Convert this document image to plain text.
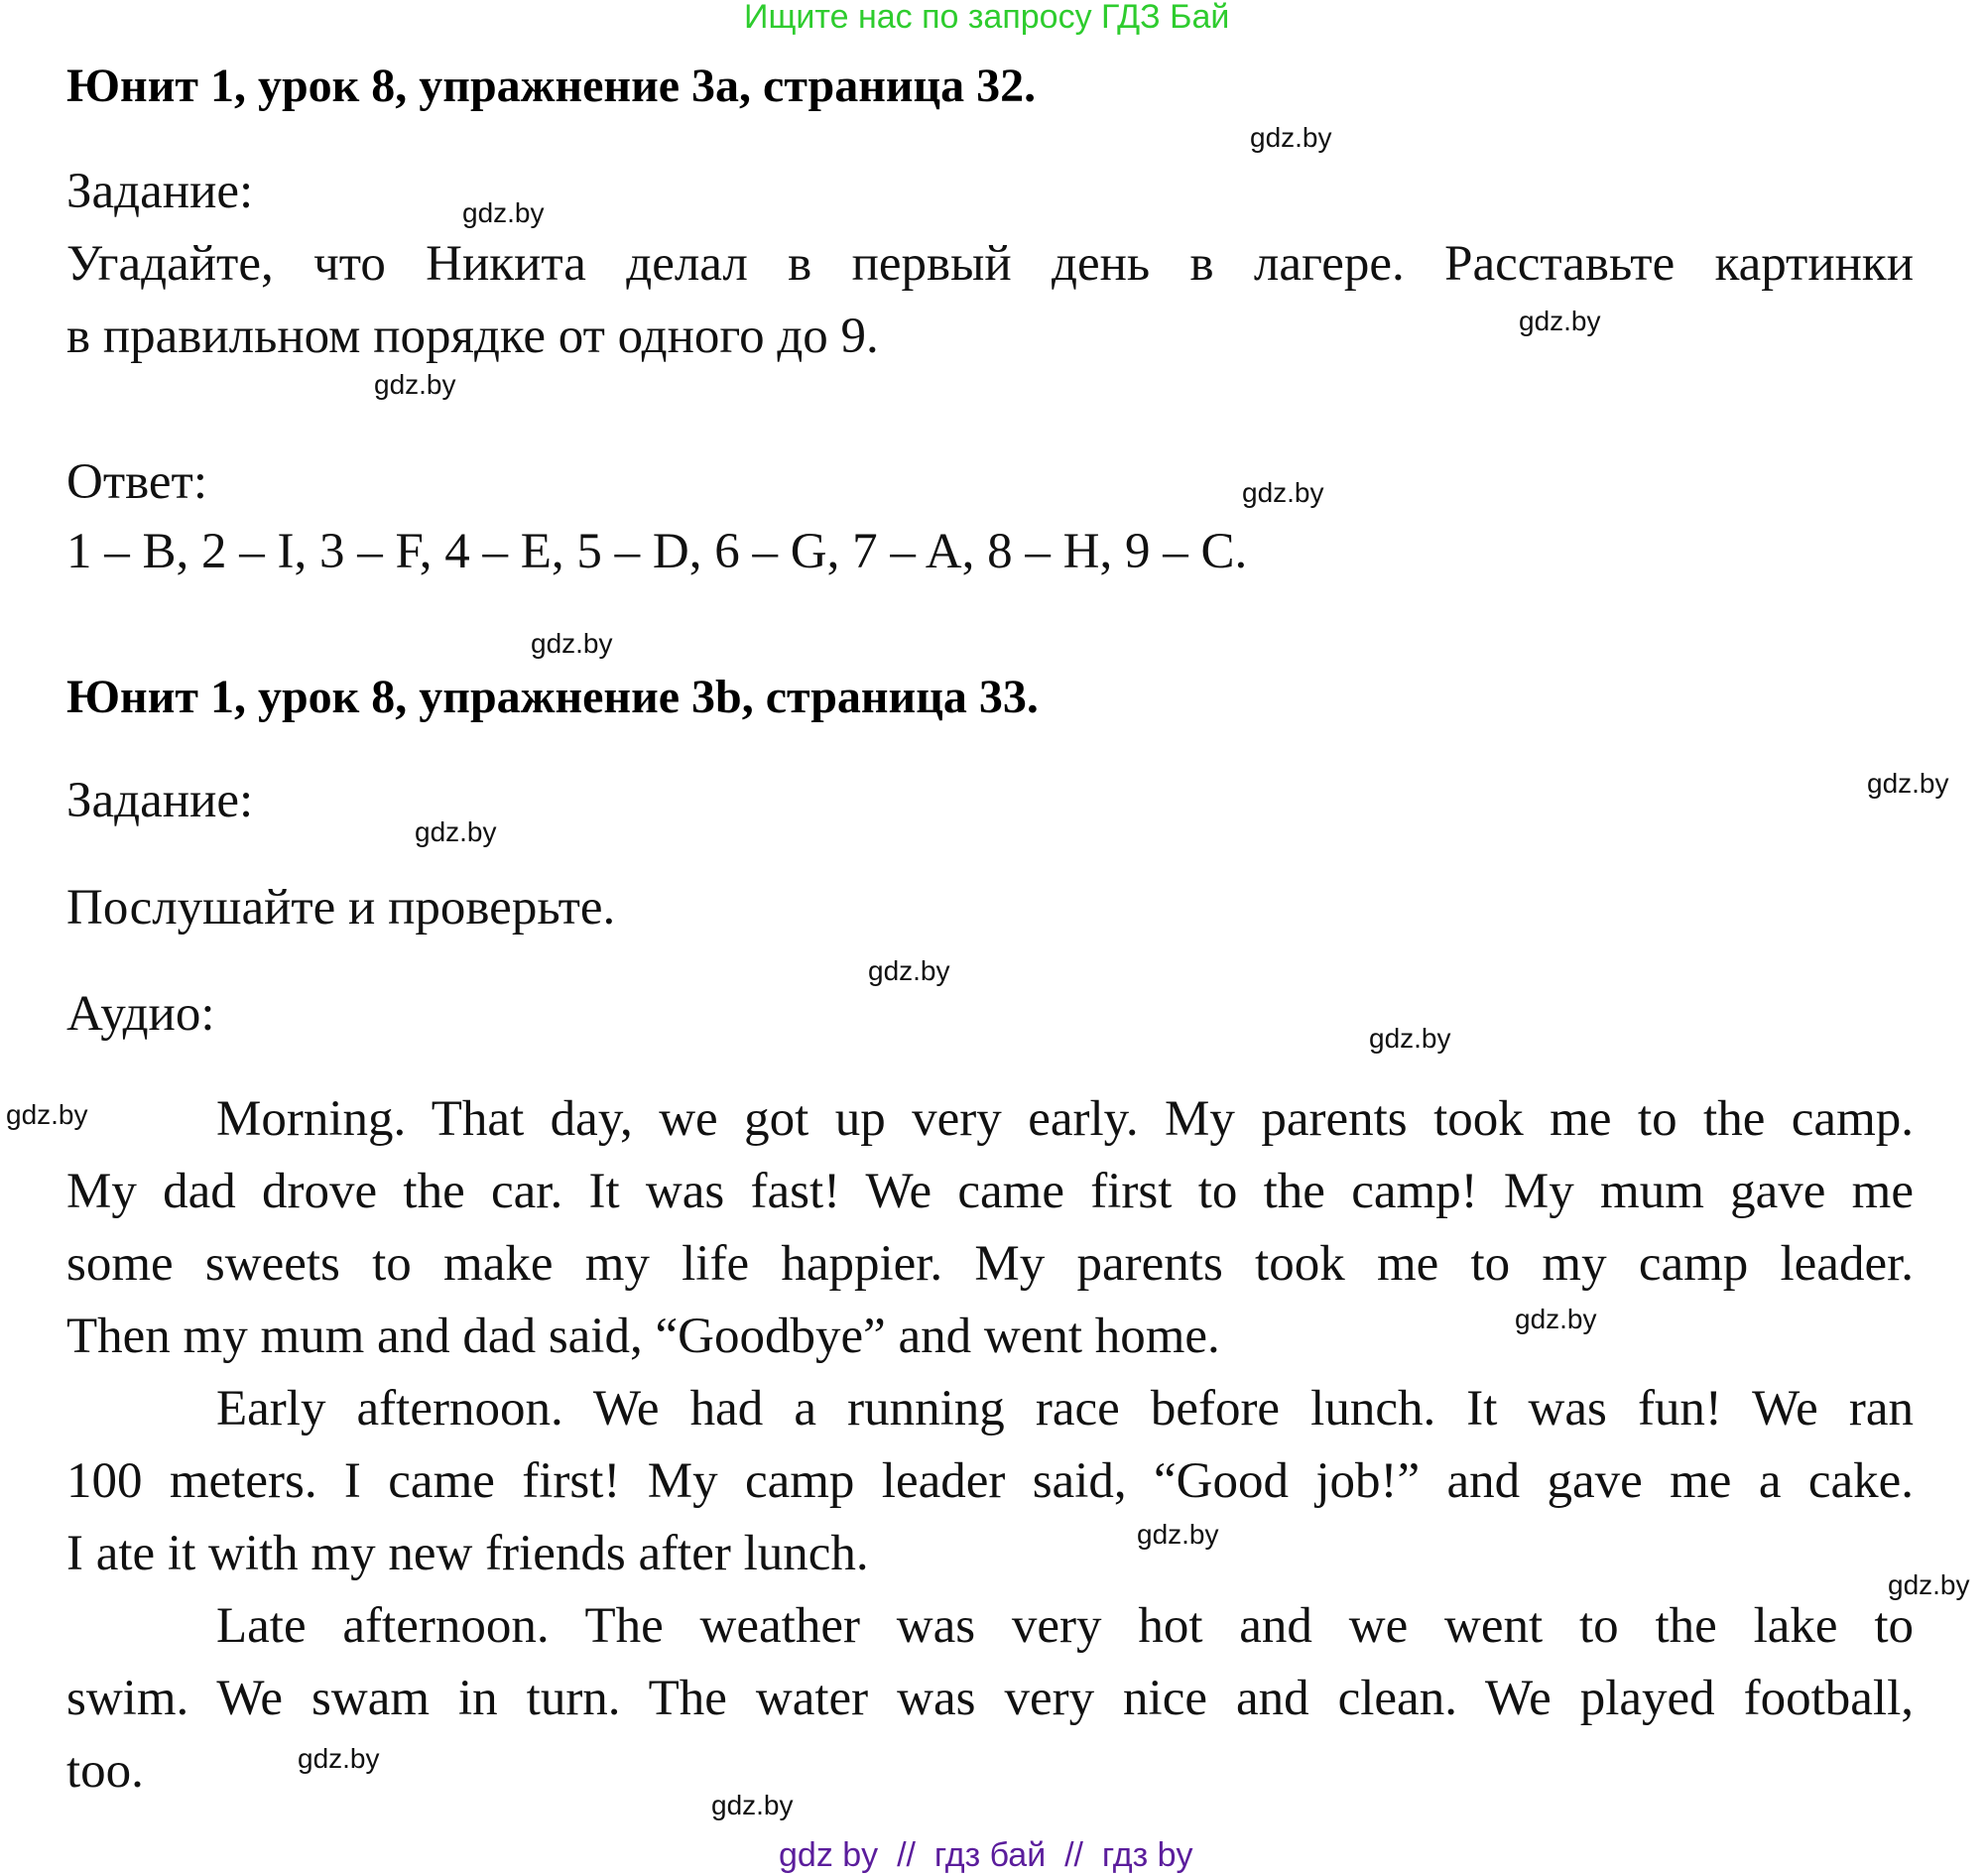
Ищите нас по запросу ГДЗ Бай
Юнит 1, урок 8, упражнение 3a, страница 32.
Задание:
Угадайте, что Никита делал в первый день в лагере. Расставьте картинки
в правильном порядке от одного до 9.
Ответ:
1 – B, 2 – I, 3 – F, 4 – E, 5 – D, 6 – G, 7 – A, 8 – H, 9 – C.
Юнит 1, урок 8, упражнение 3b, страница 33.
Задание:
Послушайте и проверьте.
Аудио:
Morning. That day, we got up very early. My parents took me to the camp.
My dad drove the car. It was fast! We came first to the camp! My mum gave me
some sweets to make my life happier. My parents took me to my camp leader.
Then my mum and dad said, “Goodbye” and went home.
Early afternoon. We had a running race before lunch. It was fun! We ran
100 meters. I came first! My camp leader said, “Good job!” and gave me a cake.
I ate it with my new friends after lunch.
Late afternoon. The weather was very hot and we went to the lake to
swim. We swam in turn. The water was very nice and clean. We played football,
too.
gdz.by
gdz.by
gdz.by
gdz.by
gdz.by
gdz.by
gdz.by
gdz.by
gdz.by
gdz.by
gdz.by
gdz.by
gdz.by
gdz.by
gdz.by
gdz.by
gdz by  //  гдз бай  //  гдз by
